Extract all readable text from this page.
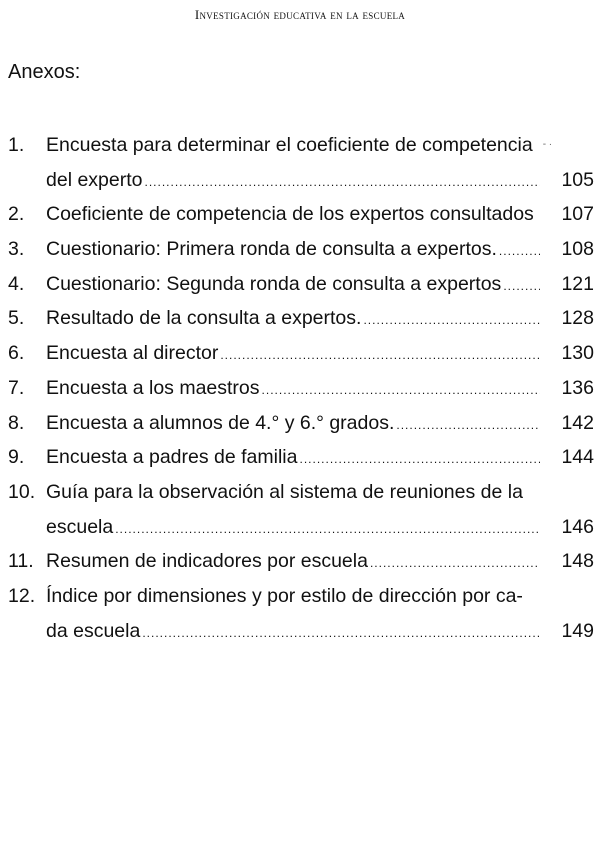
Investigación educativa en la escuela
Anexos:
1. Encuesta para determinar el coeficiente de competencia - ·
del experto .....	105
2. Coeficiente de competencia de los expertos consultados 107
3. Cuestionario: Primera ronda de consulta a expertos. .....	108
4. Cuestionario: Segunda ronda de consulta a expertos .....	121
5. Resultado de la consulta a expertos. .....	128
6. Encuesta al director .....	130
7. Encuesta a los maestros .....	136
8. Encuesta a alumnos de 4.° y 6.° grados. .....	142
9. Encuesta a padres de familia .....	144
10. Guía para la observación al sistema de reuniones de la
escuela .....	146
11. Resumen de indicadores por escuela .....	148
12. Índice por dimensiones y por estilo de dirección por ca-
da escuela .....	149
